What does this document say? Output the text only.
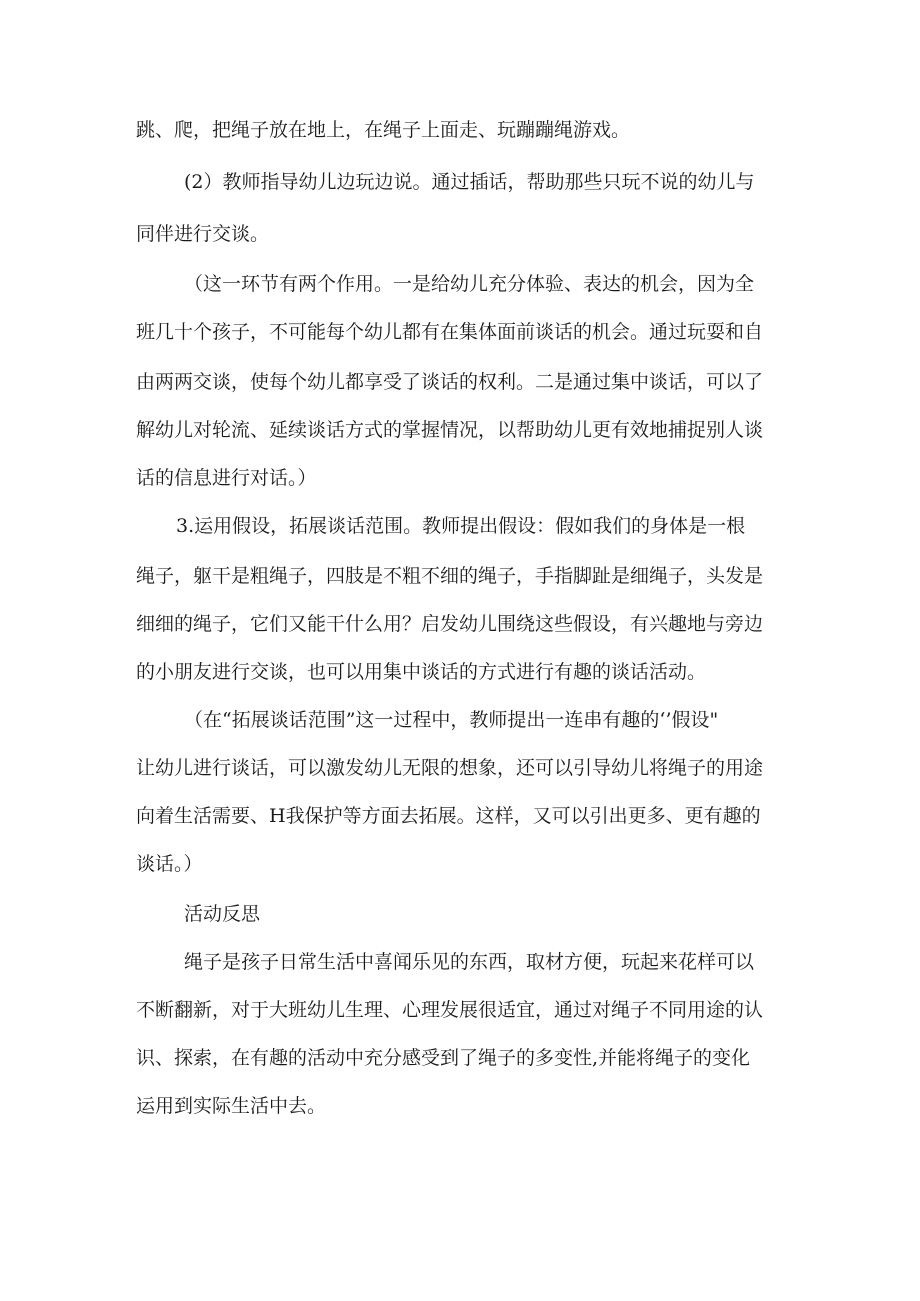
跳、爬，把绳子放在地上，在绳子上面走、玩蹦蹦绳游戏。

(2）教师指导幼儿边玩边说。通过插话，帮助那些只玩不说的幼儿与

同伴进行交谈。

（这一环节有两个作用。一是给幼儿充分体验、表达的机会，因为全

班几十个孩子，不可能每个幼儿都有在集体面前谈话的机会。通过玩耍和自

由两两交谈，使每个幼儿都享受了谈话的权利。二是通过集中谈话，可以了

解幼儿对轮流、延续谈话方式的掌握情况，以帮助幼儿更有效地捕捉别人谈

话的信息进行对话。）

3.运用假设，拓展谈话范围。教师提出假设：假如我们的身体是一根

绳子，躯干是粗绳子，四肢是不粗不细的绳子，手指脚趾是细绳子，头发是

细细的绳子，它们又能干什么用？启发幼儿围绕这些假设，有兴趣地与旁边

的小朋友进行交谈，也可以用集中谈话的方式进行有趣的谈话活动。

（在“拓展谈话范围”这一过程中，教师提出一连串有趣的‘’假设"

让幼儿进行谈话，可以激发幼儿无限的想象，还可以引导幼儿将绳子的用途

向着生活需要、H我保护等方面去拓展。这样，又可以引出更多、更有趣的

谈话。）

活动反思

绳子是孩子日常生活中喜闻乐见的东西，取材方便，玩起来花样可以

不断翻新，对于大班幼儿生理、心理发展很适宜，通过对绳子不同用途的认

识、探索，在有趣的活动中充分感受到了绳子的多变性,并能将绳子的变化

运用到实际生活中去。
